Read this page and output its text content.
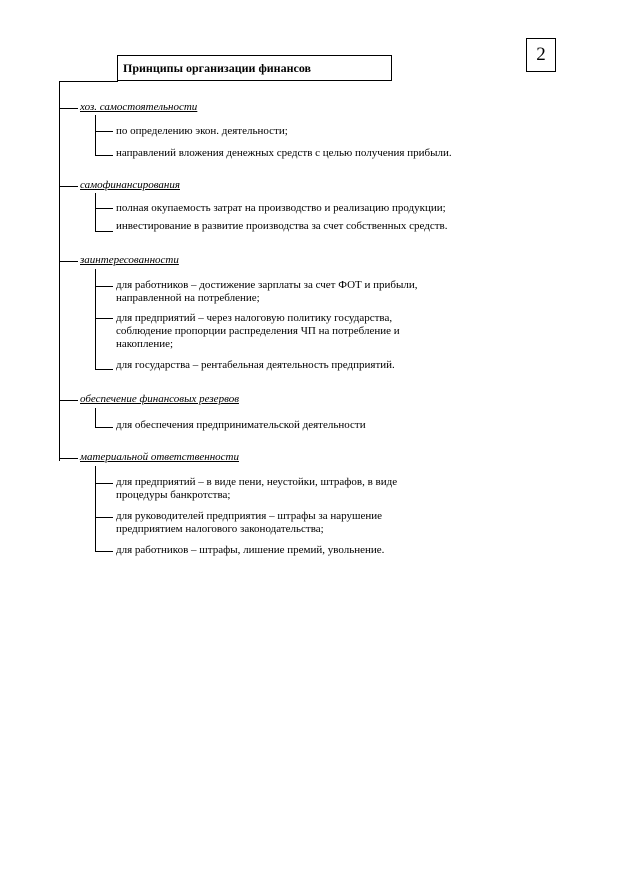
2
Принципы организации финансов
хоз. самостоятельности
по определению экон. деятельности;
направлений вложения денежных средств с целью получения прибыли.
самофинансирования
полная окупаемость затрат на производство и реализацию продукции;
инвестирование в развитие производства за счет собственных средств.
заинтересованности
для работников – достижение зарплаты за счет ФОТ и прибыли, направленной на потребление;
для предприятий – через налоговую политику государства, соблюдение пропорции распределения ЧП на потребление и накопление;
для государства – рентабельная деятельность предприятий.
обеспечение финансовых резервов
для обеспечения предпринимательской деятельности
материальной ответственности
для предприятий – в виде пени, неустойки, штрафов, в виде процедуры банкротства;
для руководителей предприятия – штрафы за нарушение предприятием налогового законодательства;
для работников – штрафы, лишение премий, увольнение.
